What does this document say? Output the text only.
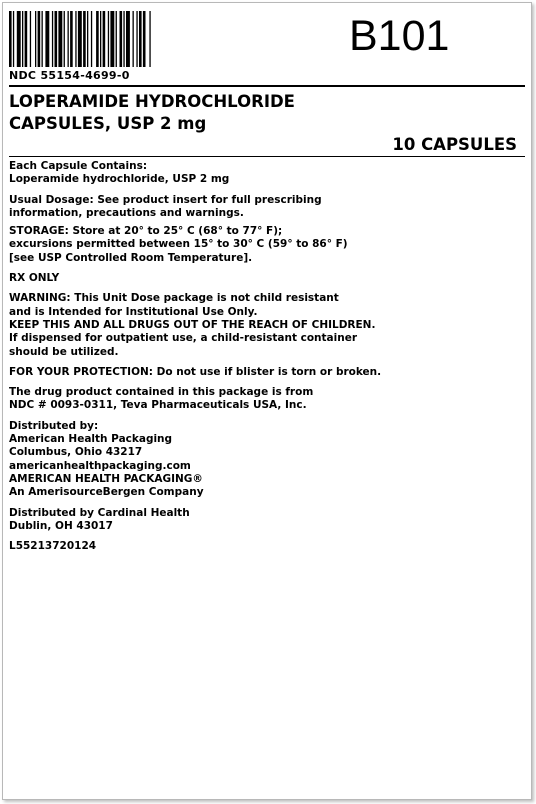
B101
NDC 55154-4699-0
LOPERAMIDE HYDROCHLORIDE
CAPSULES, USP 2 mg
10 CAPSULES

Each Capsule Contains:

Loperamide hydrochloride, USP 2 mg

Usual Dosage: See product insert for full prescribing

information, precautions and warnings.

STORAGE: Store at 20° to 25° C (68° to 77° F);

excursions permitted between 15° to 30° C (59° to 86° F)

[see USP Controlled Room Temperature].

RX ONLY

WARNING: This Unit Dose package is not child resistant

and is Intended for Institutional Use Only.

KEEP THIS AND ALL DRUGS OUT OF THE REACH OF CHILDREN.

If dispensed for outpatient use, a child-resistant container

should be utilized.

FOR YOUR PROTECTION: Do not use if blister is torn or broken.

The drug product contained in this package is from

NDC # 0093-0311, Teva Pharmaceuticals USA, Inc.

Distributed by:

American Health Packaging

Columbus, Ohio 43217

americanhealthpackaging.com

AMERICAN HEALTH PACKAGING®

An AmerisourceBergen Company

Distributed by Cardinal Health

Dublin, OH 43017

L55213720124
